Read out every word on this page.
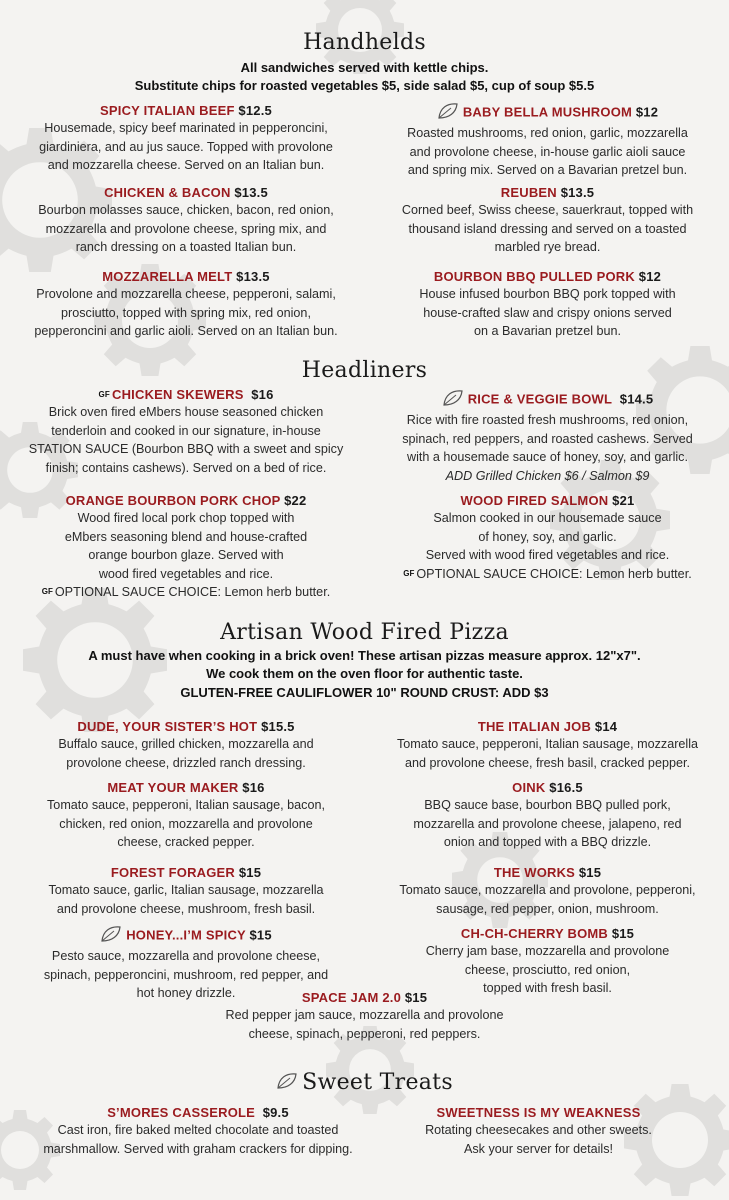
Handhelds
All sandwiches served with kettle chips.
Substitute chips for roasted vegetables $5, side salad $5, cup of soup $5.5
SPICY ITALIAN BEEF $12.5
Housemade, spicy beef marinated in pepperoncini,
giardiniera, and au jus sauce. Topped with provolone
and mozzarella cheese. Served on an Italian bun.
BABY BELLA MUSHROOM $12
Roasted mushrooms, red onion, garlic, mozzarella
and provolone cheese, in-house garlic aioli sauce
and spring mix. Served on a Bavarian pretzel bun.
CHICKEN & BACON $13.5
Bourbon molasses sauce, chicken, bacon, red onion,
mozzarella and provolone cheese, spring mix, and
ranch dressing on a toasted Italian bun.
REUBEN $13.5
Corned beef, Swiss cheese, sauerkraut, topped with
thousand island dressing and served on a toasted
marbled rye bread.
MOZZARELLA MELT $13.5
Provolone and mozzarella cheese, pepperoni, salami,
prosciutto, topped with spring mix, red onion,
pepperoncini and garlic aioli. Served on an Italian bun.
BOURBON BBQ PULLED PORK $12
House infused bourbon BBQ pork topped with
house-crafted slaw and crispy onions served
on a Bavarian pretzel bun.
Headliners
$^{GF}$ CHICKEN SKEWERS $16
Brick oven fired eMbers house seasoned chicken
tenderloin and cooked in our signature, in-house
STATION SAUCE (Bourbon BBQ with a sweet and spicy
finish; contains cashews). Served on a bed of rice.
RICE & VEGGIE BOWL $14.5
Rice with fire roasted fresh mushrooms, red onion,
spinach, red peppers, and roasted cashews. Served
with a housemade sauce of honey, soy, and garlic.
ADD Grilled Chicken $6 / Salmon $9
ORANGE BOURBON PORK CHOP $22
Wood fired local pork chop topped with
eMbers seasoning blend and house-crafted
orange bourbon glaze. Served with
wood fired vegetables and rice.
$^{GF}$ OPTIONAL SAUCE CHOICE: Lemon herb butter.
WOOD FIRED SALMON $21
Salmon cooked in our housemade sauce
of honey, soy, and garlic.
Served with wood fired vegetables and rice.
$^{GF}$ OPTIONAL SAUCE CHOICE: Lemon herb butter.
Artisan Wood Fired Pizza
A must have when cooking in a brick oven! These artisan pizzas measure approx. 12"x7".
We cook them on the oven floor for authentic taste.
GLUTEN-FREE CAULIFLOWER 10" ROUND CRUST: ADD $3
DUDE, YOUR SISTER’S HOT $15.5
Buffalo sauce, grilled chicken, mozzarella and
provolone cheese, drizzled ranch dressing.
THE ITALIAN JOB $14
Tomato sauce, pepperoni, Italian sausage, mozzarella
and provolone cheese, fresh basil, cracked pepper.
MEAT YOUR MAKER $16
Tomato sauce, pepperoni, Italian sausage, bacon,
chicken, red onion, mozzarella and provolone
cheese, cracked pepper.
OINK $16.5
BBQ sauce base, bourbon BBQ pulled pork,
mozzarella and provolone cheese, jalapeno, red
onion and topped with a BBQ drizzle.
FOREST FORAGER $15
Tomato sauce, garlic, Italian sausage, mozzarella
and provolone cheese, mushroom, fresh basil.
THE WORKS $15
Tomato sauce, mozzarella and provolone, pepperoni,
sausage, red pepper, onion, mushroom.
HONEY...I’M SPICY $15
Pesto sauce, mozzarella and provolone cheese,
spinach, pepperoncini, mushroom, red pepper, and
hot honey drizzle.
CH-CH-CHERRY BOMB $15
Cherry jam base, mozzarella and provolone
cheese, prosciutto, red onion,
topped with fresh basil.
SPACE JAM 2.0 $15
Red pepper jam sauce, mozzarella and provolone
cheese, spinach, pepperoni, red peppers.
Sweet Treats
S’MORES CASSEROLE $9.5
Cast iron, fire baked melted chocolate and toasted
marshmallow. Served with graham crackers for dipping.
SWEETNESS IS MY WEAKNESS
Rotating cheesecakes and other sweets.
Ask your server for details!
